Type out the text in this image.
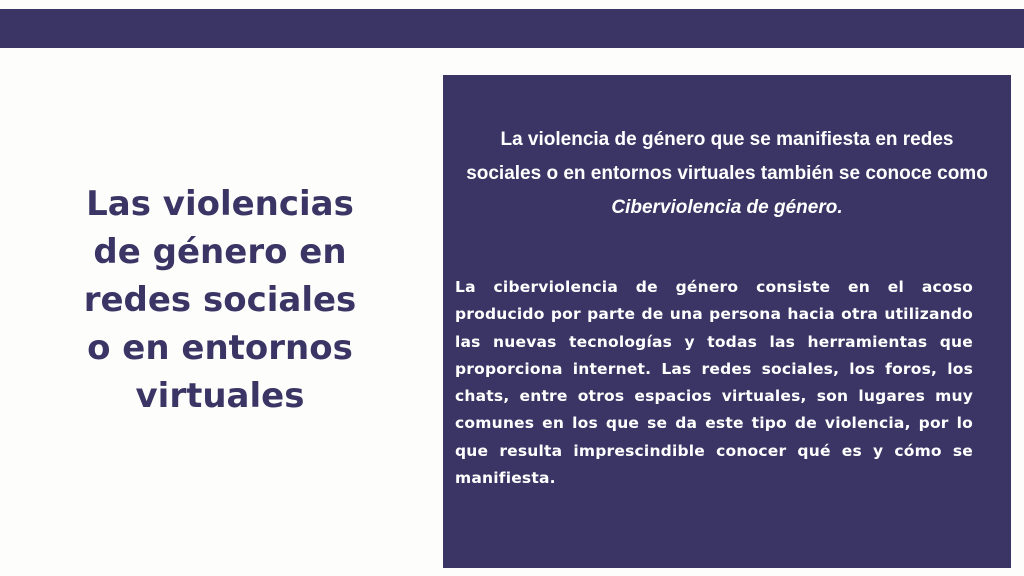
Las violencias
de género en
redes sociales
o en entornos
virtuales

La violencia de género que se manifiesta en redes sociales o en entornos virtuales también se conoce como Ciberviolencia de género.

La ciberviolencia de género consiste en el acoso producido por parte de una persona hacia otra utilizando las nuevas tecnologías y todas las herramientas que proporciona internet. Las redes sociales, los foros, los chats, entre otros espacios virtuales, son lugares muy comunes en los que se da este tipo de violencia, por lo que resulta imprescindible conocer qué es y cómo se manifiesta.
